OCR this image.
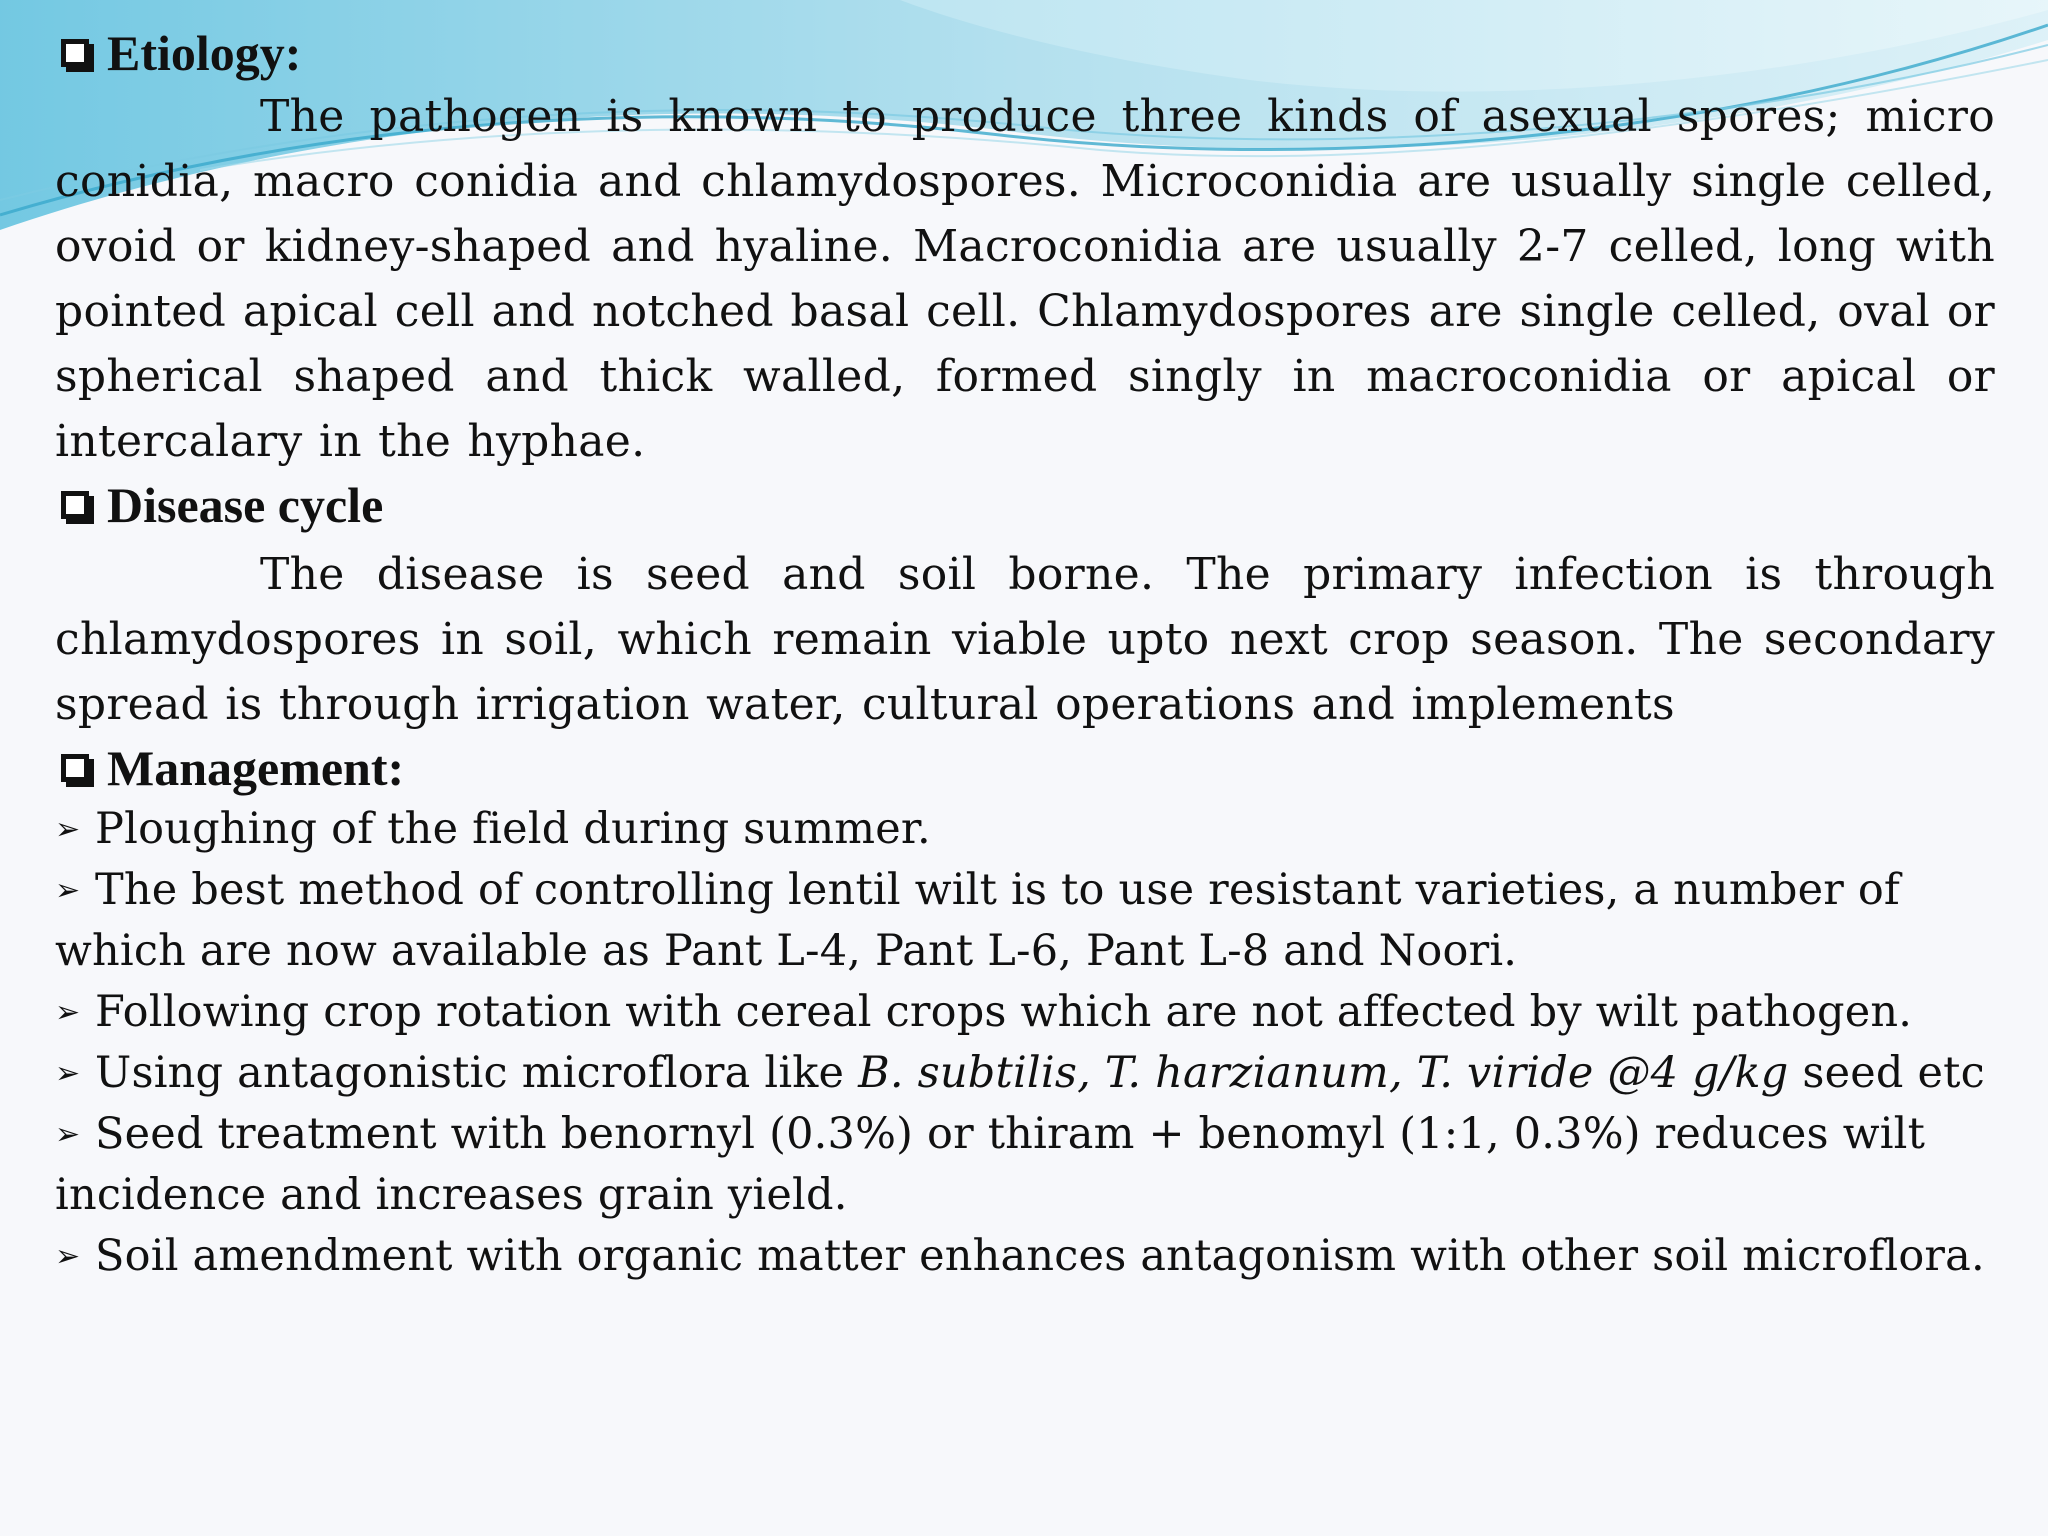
Etiology:

The pathogen is known to produce three kinds of asexual spores; micro conidia, macro conidia and chlamydospores. Microconidia are usually single celled, ovoid or kidney-shaped and hyaline. Macroconidia are usually 2-7 celled, long with pointed apical cell and notched basal cell. Chlamydospores are single celled, oval or spherical shaped and thick walled, formed singly in macroconidia or apical or intercalary in the hyphae.

Disease cycle

The disease is seed and soil borne. The primary infection is through chlamydospores in soil, which remain viable upto next crop season. The secondary spread is through irrigation water, cultural operations and implements

Management:
➢ Ploughing of the field during summer.
➢ The best method of controlling lentil wilt is to use resistant varieties, a number of which are now available as Pant L-4, Pant L-6, Pant L-8 and Noori.
➢ Following crop rotation with cereal crops which are not affected by wilt pathogen.
➢ Using antagonistic microflora like B. subtilis, T. harzianum, T. viride @4 g/kg seed etc
➢ Seed treatment with benornyl (0.3%) or thiram + benomyl (1:1, 0.3%) reduces wilt incidence and increases grain yield.
➢ Soil amendment with organic matter enhances antagonism with other soil microflora.
